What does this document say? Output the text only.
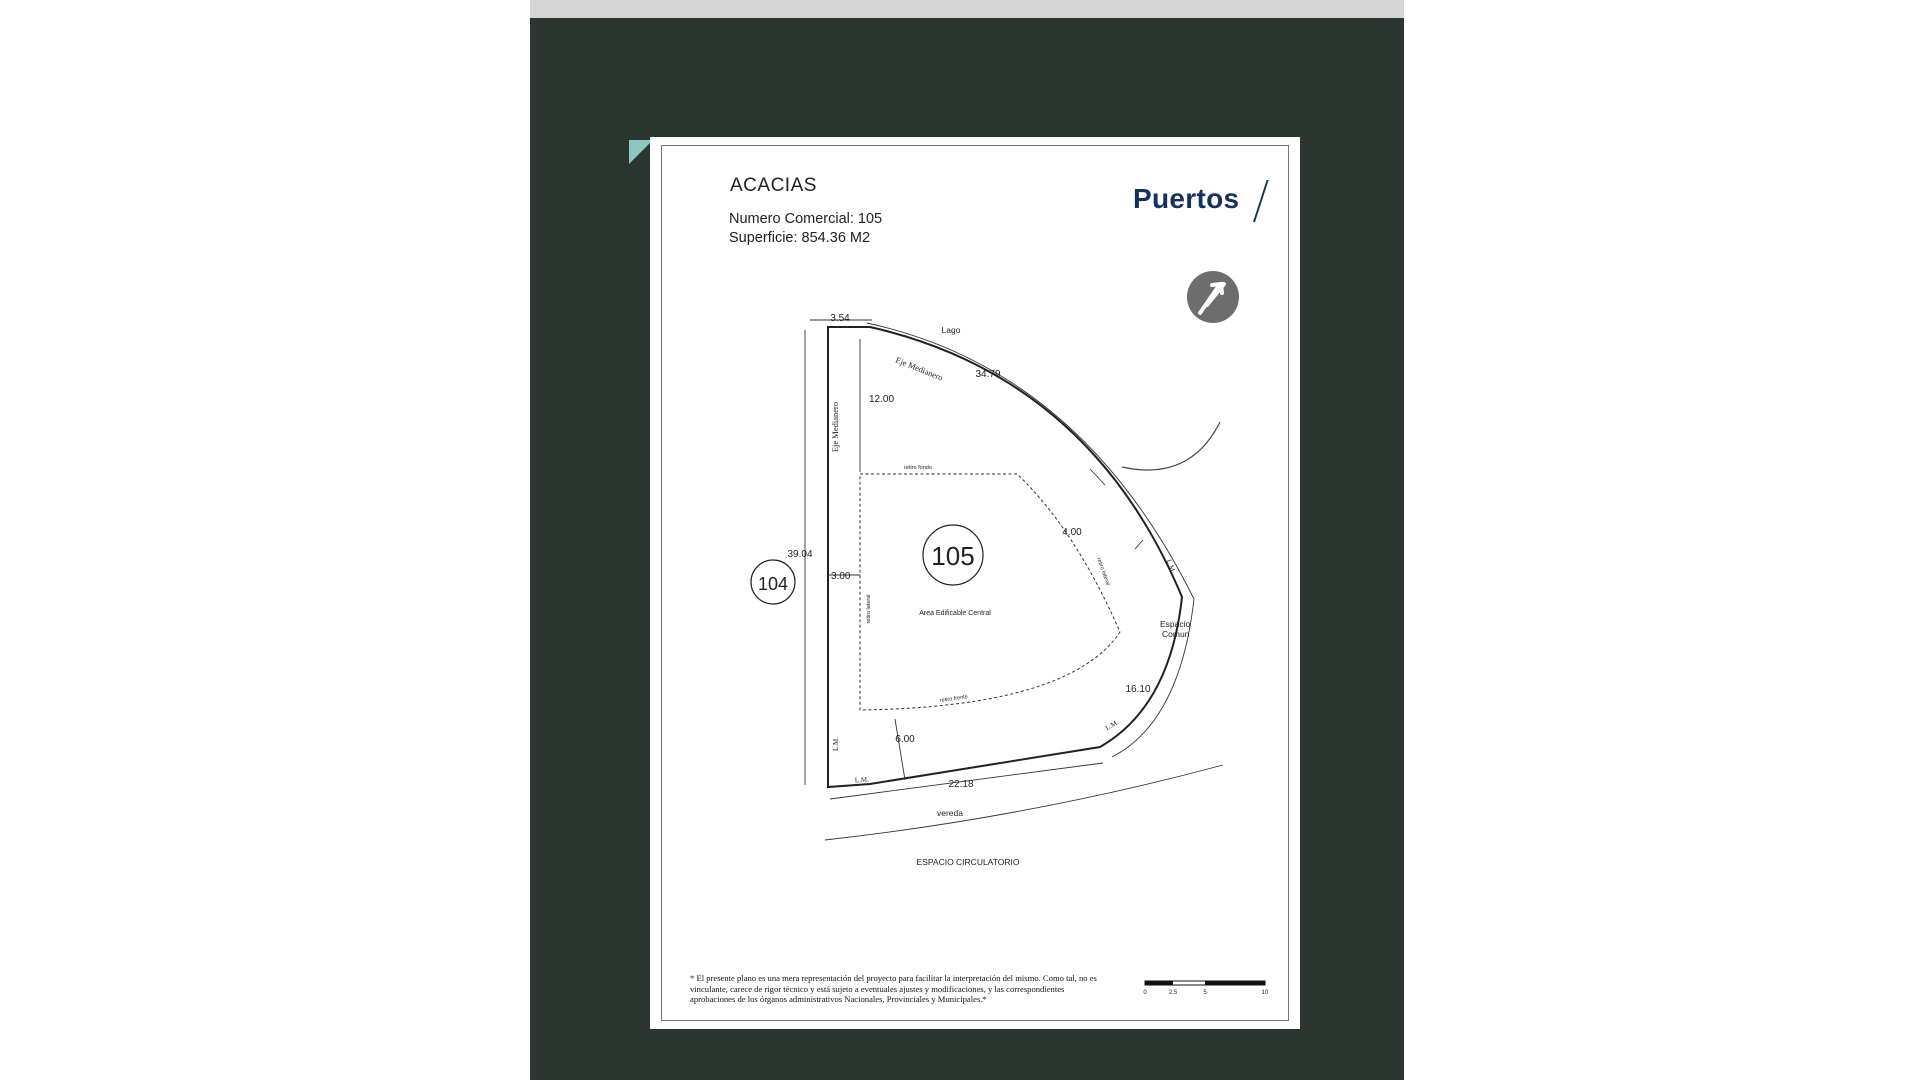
ACACIAS
Numero Comercial: 105
Superficie: 854.36 M2
Puertos
105
104
Area Edificable Central
3.54
34.79
12.00
4.00
39.04
3.00
16.10
6.00
22.18
Lago
Eje Medianero
Eje Medianero
Espacio
Comun
vereda
ESPACIO CIRCULATORIO
retiro fondo
retiro lateral
retiro lateral
retiro frente
L.M.
L.M.
L.M.
L.M.
0	2.5	5	10
* El presente plano es una mera representación del proyecto para facilitar la interpretación del mismo. Como tal, no es vinculante, carece de rigor técnico y está sujeto a eventuales ajustes y modificaciones, y las correspondientes aprobaciones de los órganos administrativos Nacionales, Provinciales y Municipales.*
